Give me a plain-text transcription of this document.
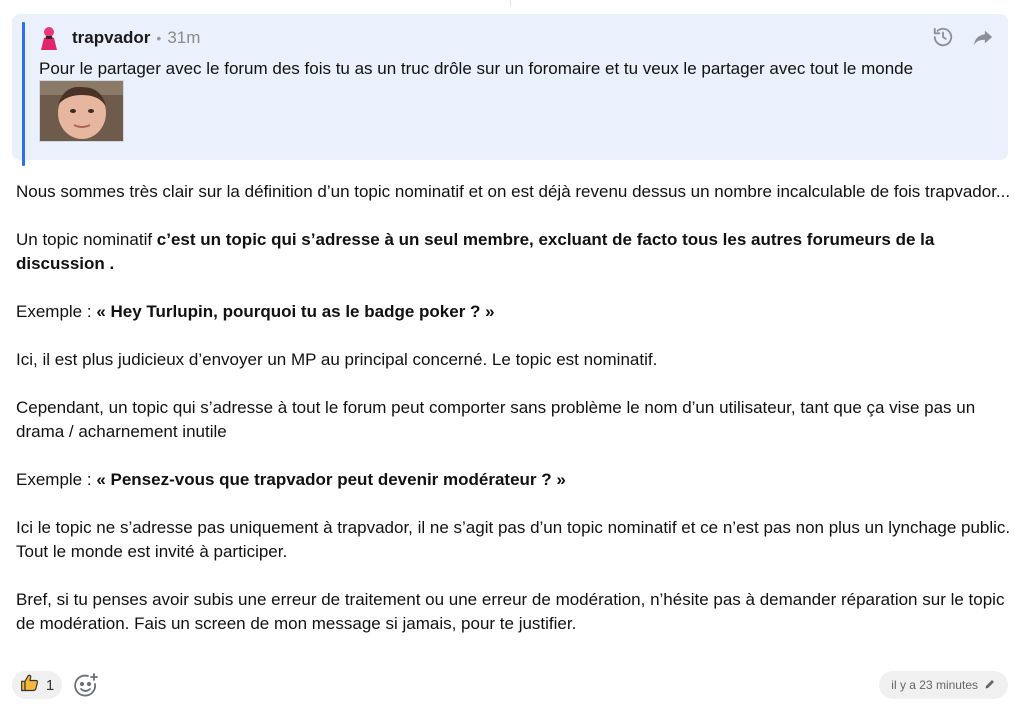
trapvador • 31m
Pour le partager avec le forum des fois tu as un truc drôle sur un foromaire et tu veux le partager avec tout le monde

Nous sommes très clair sur la définition d’un topic nominatif et on est déjà revenu dessus un nombre incalculable de fois trapvador...

Un topic nominatif c’est un topic qui s’adresse à un seul membre, excluant de facto tous les autres forumeurs de la discussion .

Exemple : « Hey Turlupin, pourquoi tu as le badge poker ? »

Ici, il est plus judicieux d’envoyer un MP au principal concerné. Le topic est nominatif.

Cependant, un topic qui s’adresse à tout le forum peut comporter sans problème le nom d’un utilisateur, tant que ça vise pas un drama / acharnement inutile

Exemple : « Pensez-vous que trapvador peut devenir modérateur ? »

Ici le topic ne s’adresse pas uniquement à trapvador, il ne s’agit pas d’un topic nominatif et ce n’est pas non plus un lynchage public. Tout le monde est invité à participer.

Bref, si tu penses avoir subis une erreur de traitement ou une erreur de modération, n’hésite pas à demander réparation sur le topic de modération. Fais un screen de mon message si jamais, pour te justifier.

1	il y a 23 minutes
